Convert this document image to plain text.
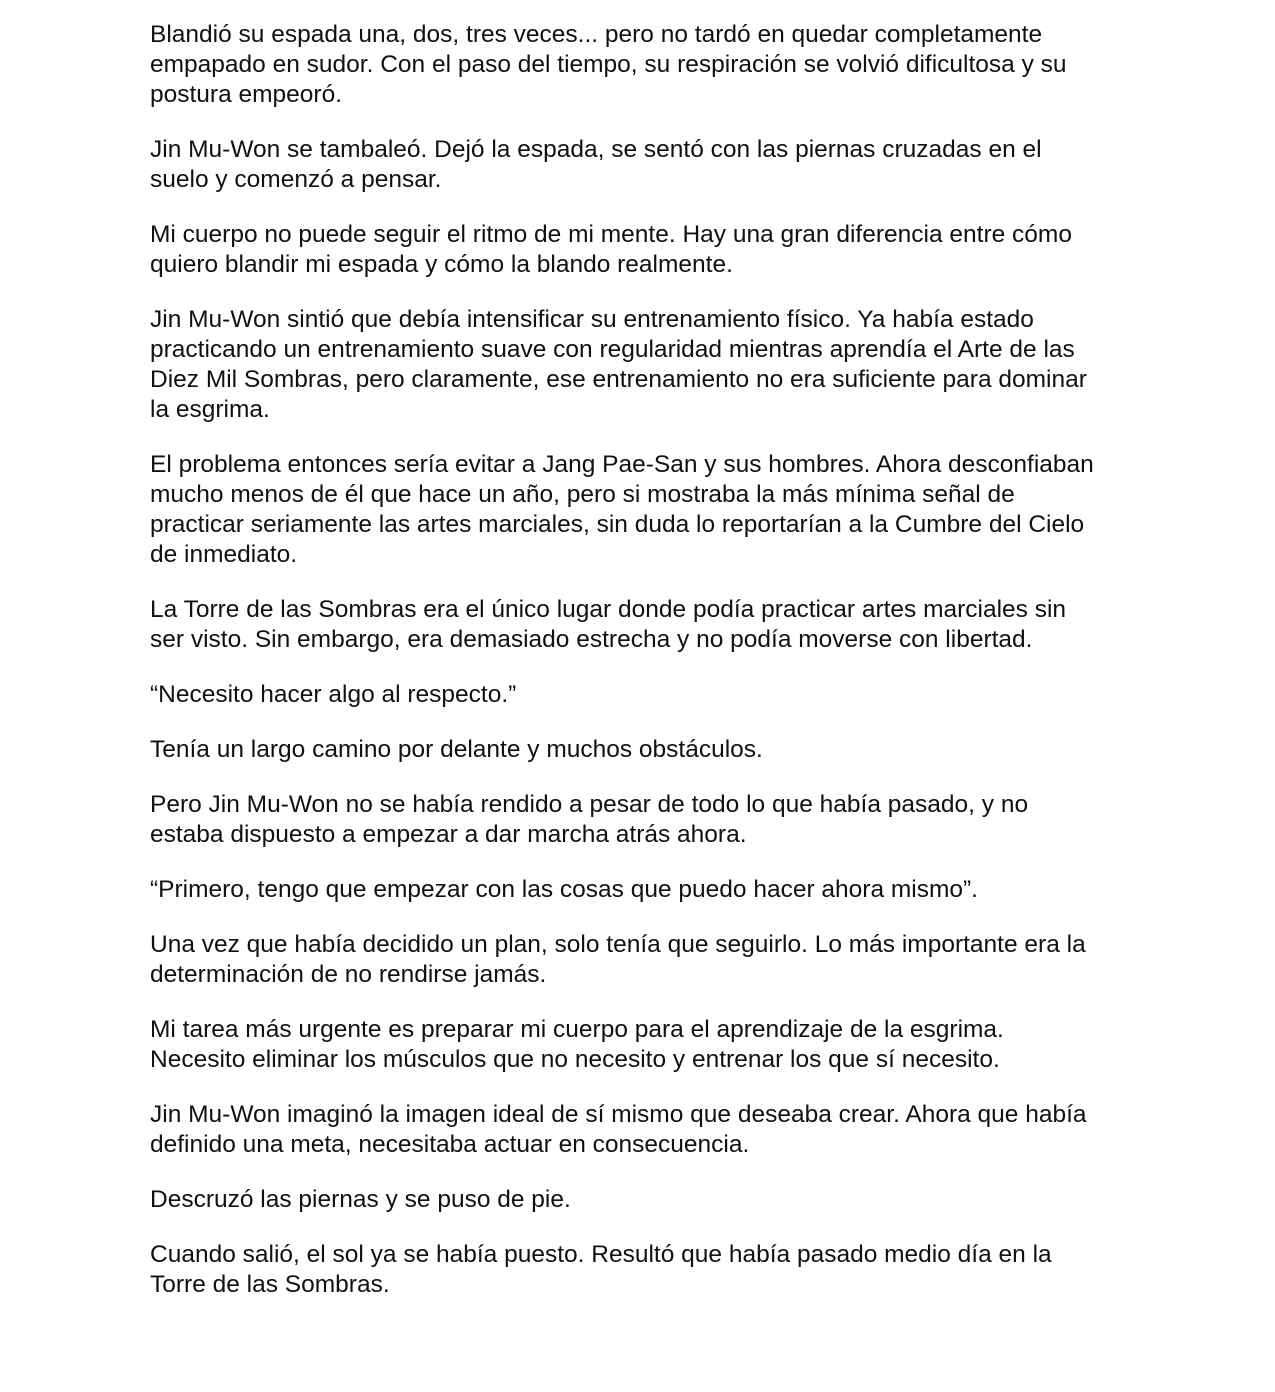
Blandió su espada una, dos, tres veces... pero no tardó en quedar completamente
empapado en sudor. Con el paso del tiempo, su respiración se volvió dificultosa y su
postura empeoró.

Jin Mu-Won se tambaleó. Dejó la espada, se sentó con las piernas cruzadas en el
suelo y comenzó a pensar.

Mi cuerpo no puede seguir el ritmo de mi mente. Hay una gran diferencia entre cómo
quiero blandir mi espada y cómo la blando realmente.

Jin Mu-Won sintió que debía intensificar su entrenamiento físico. Ya había estado
practicando un entrenamiento suave con regularidad mientras aprendía el Arte de las
Diez Mil Sombras, pero claramente, ese entrenamiento no era suficiente para dominar
la esgrima.

El problema entonces sería evitar a Jang Pae-San y sus hombres. Ahora desconfiaban
mucho menos de él que hace un año, pero si mostraba la más mínima señal de
practicar seriamente las artes marciales, sin duda lo reportarían a la Cumbre del Cielo
de inmediato.

La Torre de las Sombras era el único lugar donde podía practicar artes marciales sin
ser visto. Sin embargo, era demasiado estrecha y no podía moverse con libertad.

“Necesito hacer algo al respecto.”

Tenía un largo camino por delante y muchos obstáculos.

Pero Jin Mu-Won no se había rendido a pesar de todo lo que había pasado, y no
estaba dispuesto a empezar a dar marcha atrás ahora.

“Primero, tengo que empezar con las cosas que puedo hacer ahora mismo”.

Una vez que había decidido un plan, solo tenía que seguirlo. Lo más importante era la
determinación de no rendirse jamás.

Mi tarea más urgente es preparar mi cuerpo para el aprendizaje de la esgrima.
Necesito eliminar los músculos que no necesito y entrenar los que sí necesito.

Jin Mu-Won imaginó la imagen ideal de sí mismo que deseaba crear. Ahora que había
definido una meta, necesitaba actuar en consecuencia.

Descruzó las piernas y se puso de pie.

Cuando salió, el sol ya se había puesto. Resultó que había pasado medio día en la
Torre de las Sombras.
